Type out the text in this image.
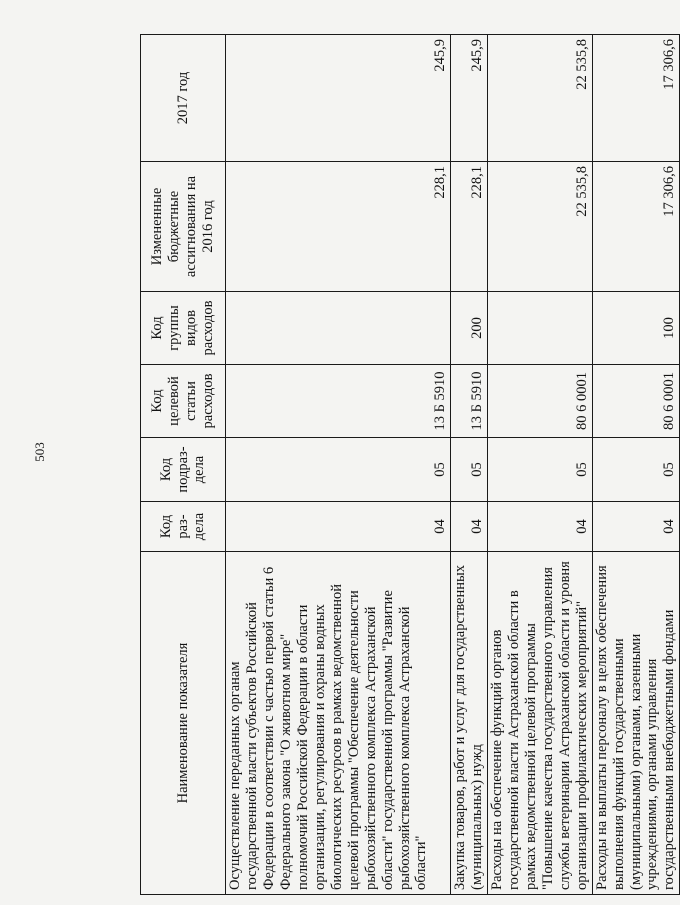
503
Наименование показателя	Код раз-дела	Код подраз-дела	Код целевой статьи расходов	Код группы видов расходов	Измененные бюджетные ассигнования на 2016 год	2017 год
Осуществление переданных органам государственной власти субъектов Российской Федерации в соответствии с частью первой статьи 6 Федерального закона "О животном мире" полномочий Российской Федерации в области организации, регулирования и охраны водных биологических ресурсов в рамках ведомственной целевой программы "Обеспечение деятельности рыбохозяйственного комплекса Астраханской области" государственной программы "Развитие рыбохозяйственного комплекса Астраханской области"	04	05	13 Б 5910		228,1	245,9
Закупка товаров, работ и услуг для государственных (муниципальных) нужд	04	05	13 Б 5910	200	228,1	245,9
Расходы на обеспечение функций органов государственной власти Астраханской области в рамках ведомственной целевой программы "Повышение качества государственного управления службы ветеринарии Астраханской области и уровня организации профилактических мероприятий"	04	05	80 6 0001		22 535,8	22 535,8
Расходы на выплаты персоналу в целях обеспечения выполнения функций государственными (муниципальными) органами, казенными учреждениями, органами управления государственными внебюджетными фондами	04	05	80 6 0001	100	17 306,6	17 306,6
